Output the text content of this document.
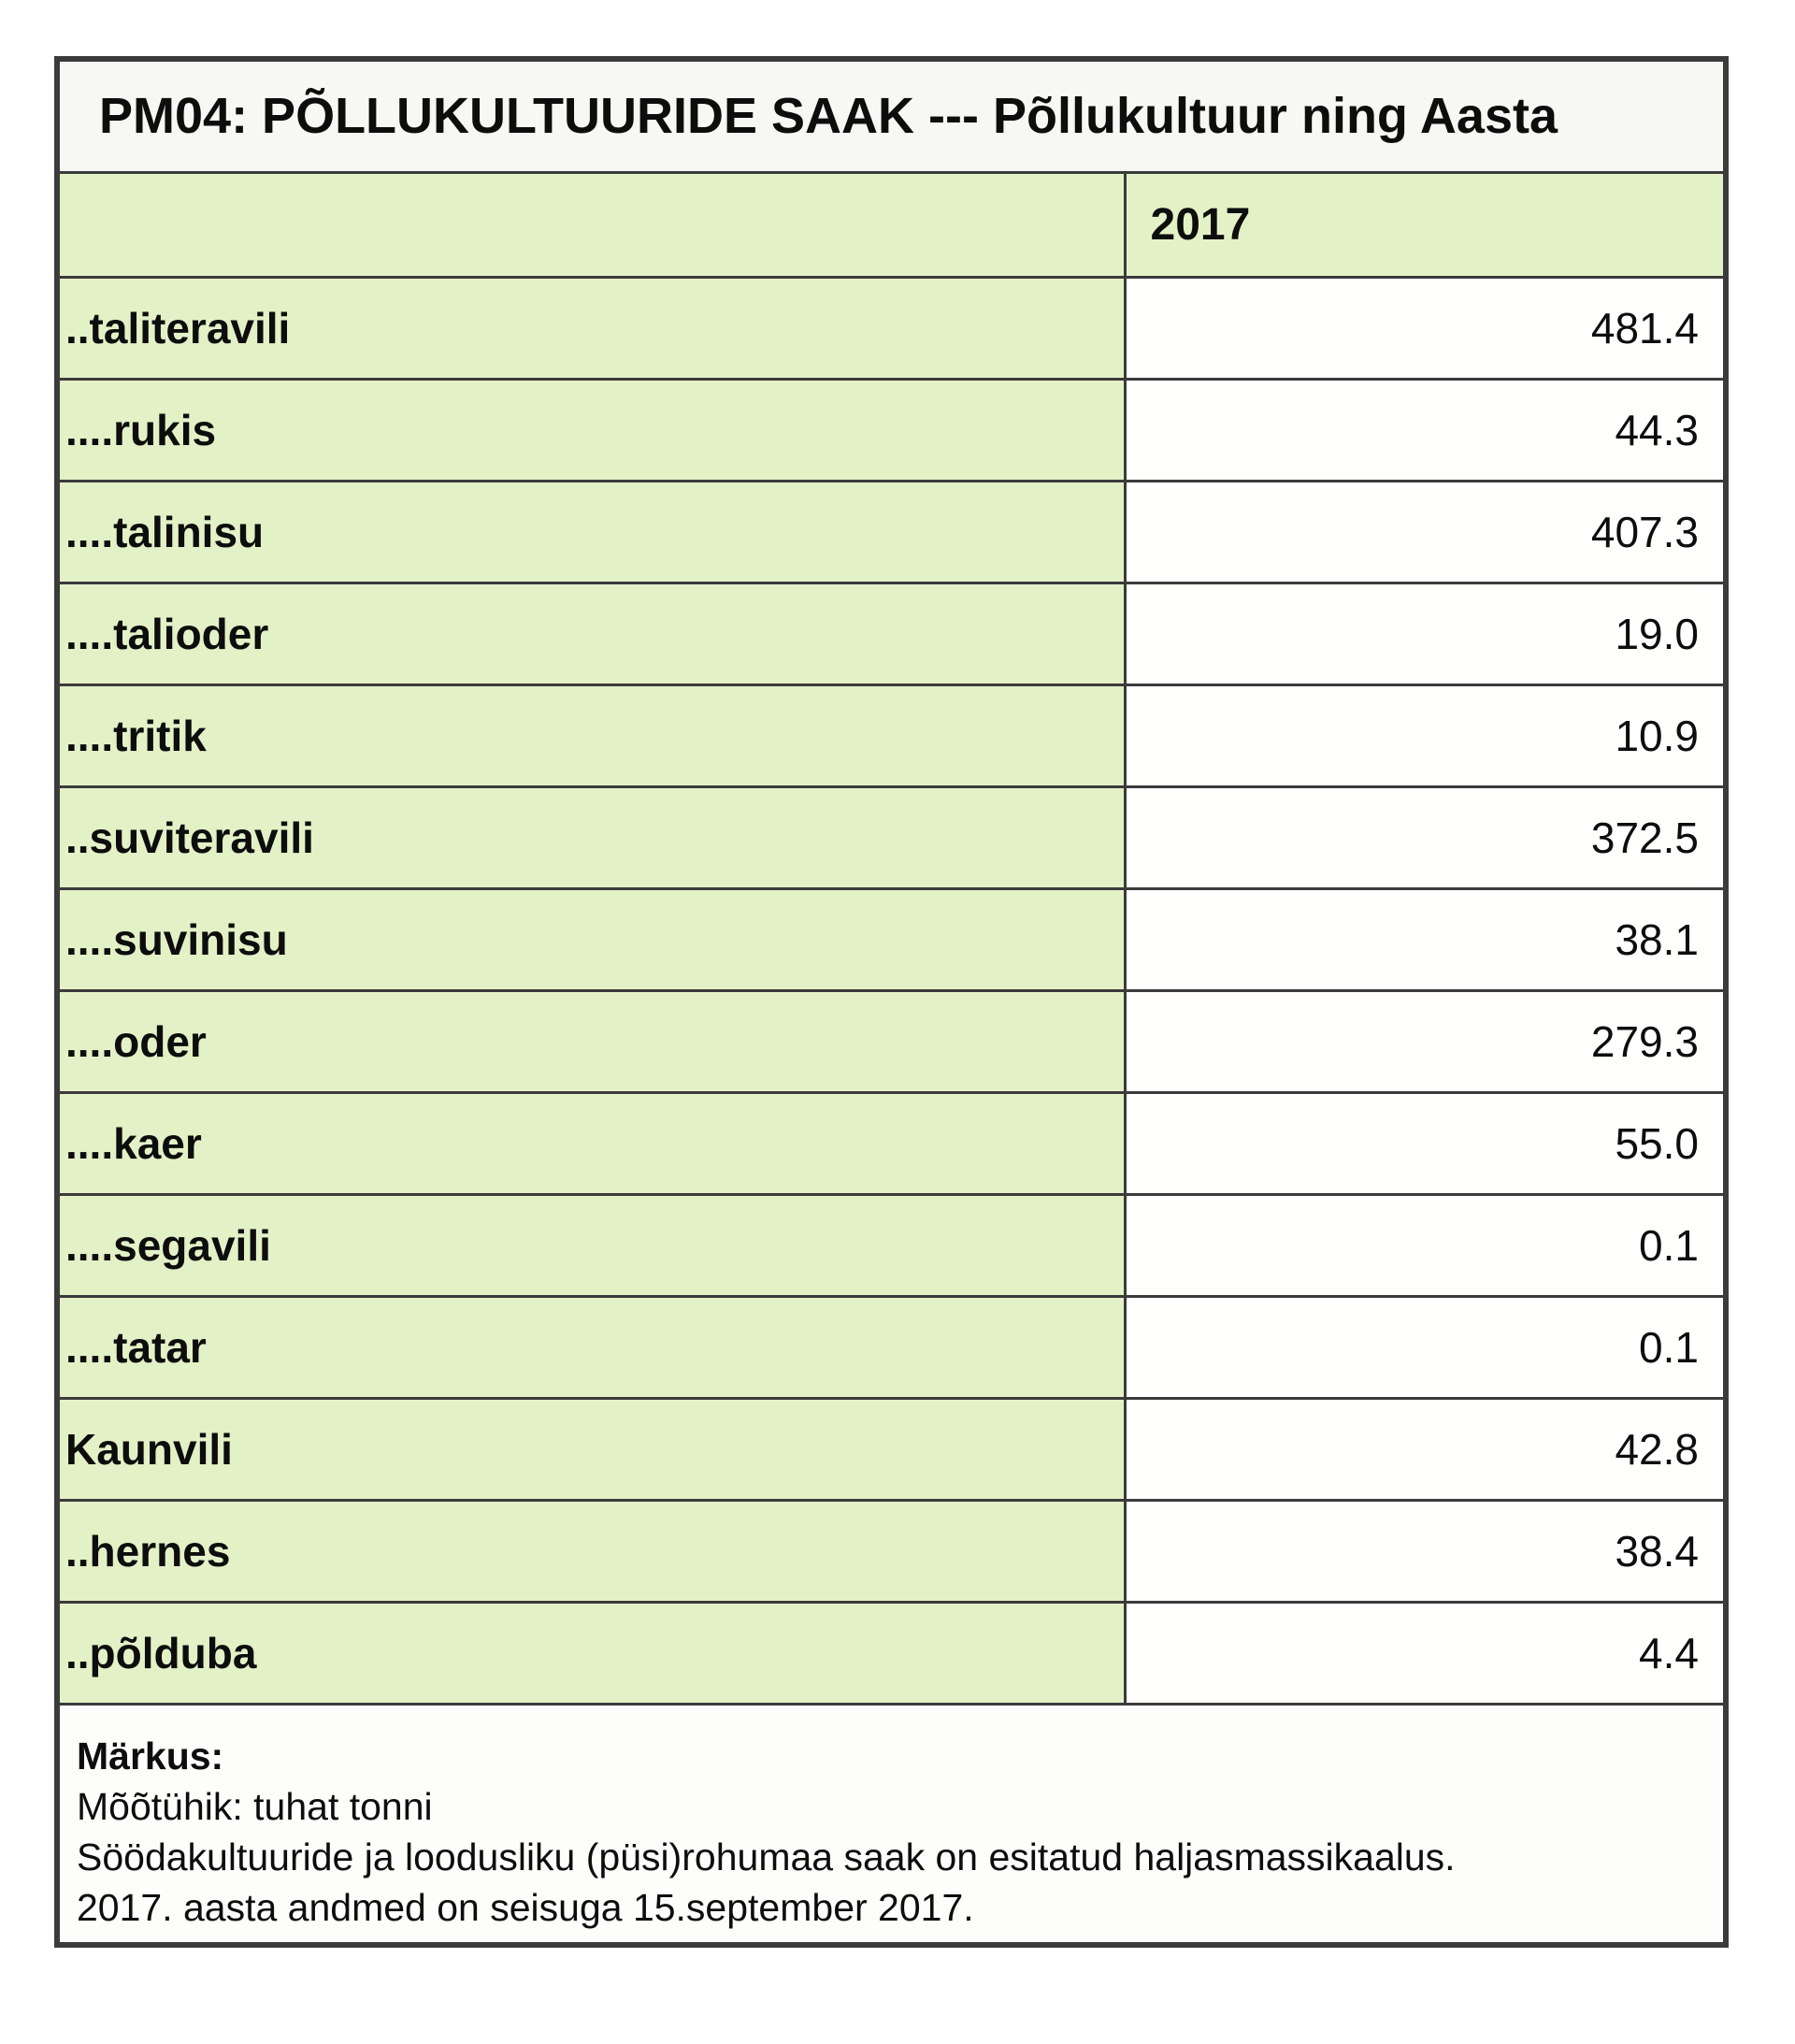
PM04: PÕLLUKULTUURIDE SAAK --- Põllukultuur ning Aasta	
	2017
..taliteravili	481.4
....rukis	44.3
....talinisu	407.3
....talioder	19.0
....tritik	10.9
..suviteravili	372.5
....suvinisu	38.1
....oder	279.3
....kaer	55.0
....segavili	0.1
....tatar	0.1
Kaunvili	42.8
..hernes	38.4
..põlduba	4.4

Märkus:
Mõõtühik: tuhat tonni
Söödakultuuride ja loodusliku (püsi)rohumaa saak on esitatud haljasmassikaalus.
2017. aasta andmed on seisuga 15.september 2017.	
